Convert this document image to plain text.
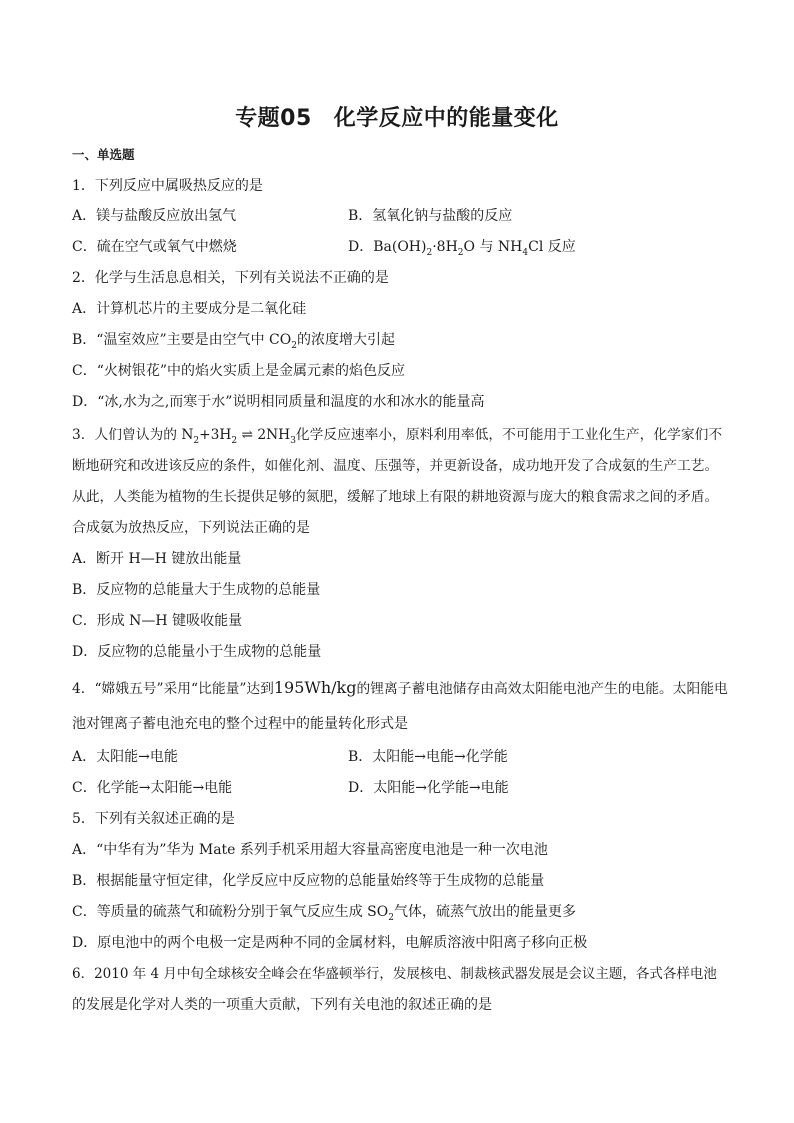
专题05 化学反应中的能量变化
一、单选题
1．下列反应中属吸热反应的是
A．镁与盐酸反应放出氢气	B．氢氧化钠与盐酸的反应
C．硫在空气或氧气中燃烧	D．$Ba(OH)_2\cdot 8H_2O$ 与 $NH_4Cl$ 反应
2．化学与生活息息相关，下列有关说法不正确的是
A．计算机芯片的主要成分是二氧化硅
B．“温室效应”主要是由空气中 $CO_2$的浓度增大引起
C．“火树银花”中的焰火实质上是金属元素的焰色反应
D．“冰,水为之,而寒于水”说明相同质量和温度的水和冰水的能量高
3．人们曾认为的 $N_2+3H_2$ ⇌ $2NH_3$化学反应速率小，原料利用率低，不可能用于工业化生产，化学家们不
断地研究和改进该反应的条件，如催化剂、温度、压强等，并更新设备，成功地开发了合成氨的生产工艺。
从此，人类能为植物的生长提供足够的氮肥，缓解了地球上有限的耕地资源与庞大的粮食需求之间的矛盾。
合成氨为放热反应，下列说法正确的是
A．断开 H—H 键放出能量
B．反应物的总能量大于生成物的总能量
C．形成 N—H 键吸收能量
D．反应物的总能量小于生成物的总能量
4．“嫦娥五号”采用“比能量”达到195Wh/kg的锂离子蓄电池储存由高效太阳能电池产生的电能。太阳能电
池对锂离子蓄电池充电的整个过程中的能量转化形式是
A．太阳能→电能	B．太阳能→电能→化学能
C．化学能→太阳能→电能	D．太阳能→化学能→电能
5．下列有关叙述正确的是
A．“中华有为”华为 Mate 系列手机采用超大容量高密度电池是一种一次电池
B．根据能量守恒定律，化学反应中反应物的总能量始终等于生成物的总能量
C．等质量的硫蒸气和硫粉分别于氧气反应生成 $SO_2$气体，硫蒸气放出的能量更多
D．原电池中的两个电极一定是两种不同的金属材料，电解质溶液中阳离子移向正极
6．2010 年 4 月中旬全球核安全峰会在华盛顿举行，发展核电、制裁核武器发展是会议主题，各式各样电池
的发展是化学对人类的一项重大贡献，下列有关电池的叙述正确的是
